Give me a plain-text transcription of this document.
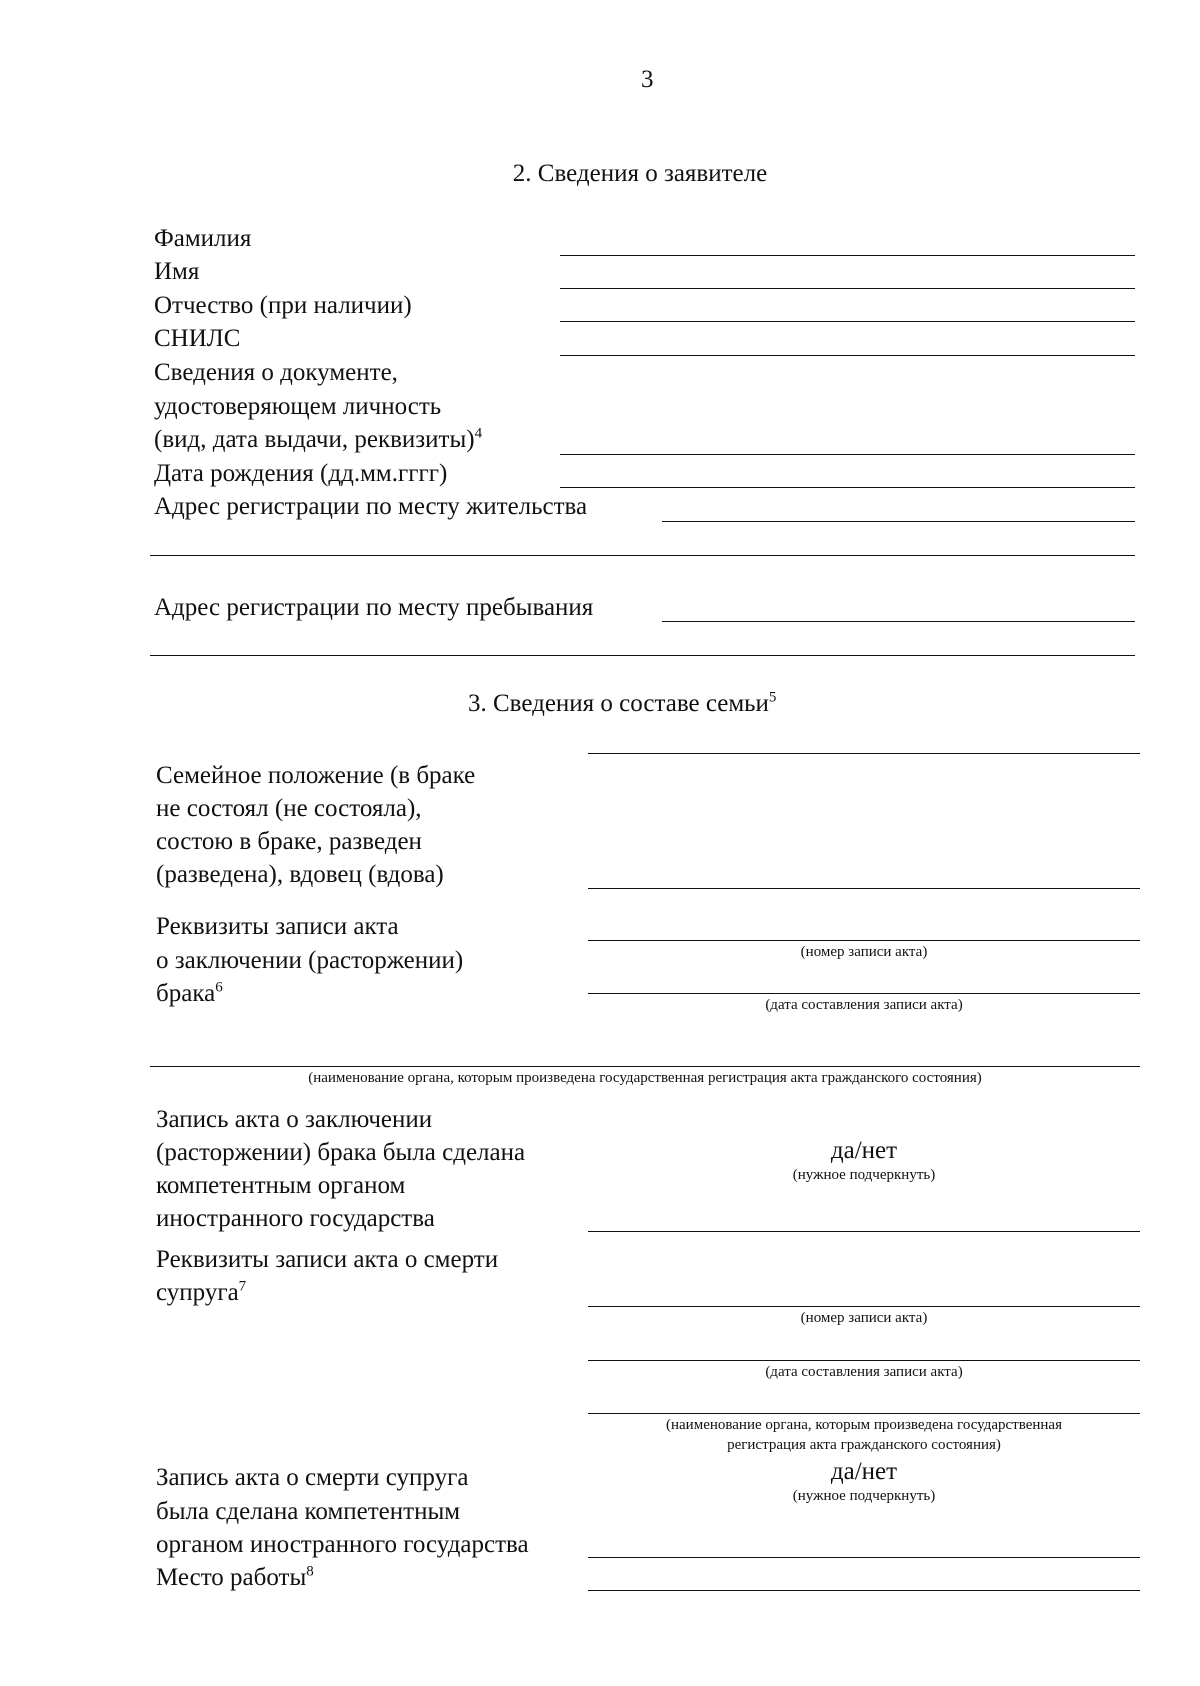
3
2. Сведения о заявителе
Фамилия
Имя
Отчество (при наличии)
СНИЛС
Сведения о документе,
удостоверяющем личность
(вид, дата выдачи, реквизиты)$^4$
Дата рождения (дд.мм.гггг)
Адрес регистрации по месту жительства
Адрес регистрации по месту пребывания
3. Сведения о составе семьи$^5$
Семейное положение (в браке
не состоял (не состояла),
состою в браке, разведен
(разведена), вдовец (вдова)
Реквизиты записи акта
о заключении (расторжении)
брака$^6$
(номер записи акта)
(дата составления записи акта)
(наименование органа, которым произведена государственная регистрация акта гражданского состояния)
Запись акта о заключении
(расторжении) брака была сделана
компетентным органом
иностранного государства
да/нет
(нужное подчеркнуть)
Реквизиты записи акта о смерти
супруга$^7$
(номер записи акта)
(дата составления записи акта)
(наименование органа, которым произведена государственная
регистрация акта гражданского состояния)
Запись акта о смерти супруга
была сделана компетентным
органом иностранного государства
да/нет
(нужное подчеркнуть)
Место работы$^8$
